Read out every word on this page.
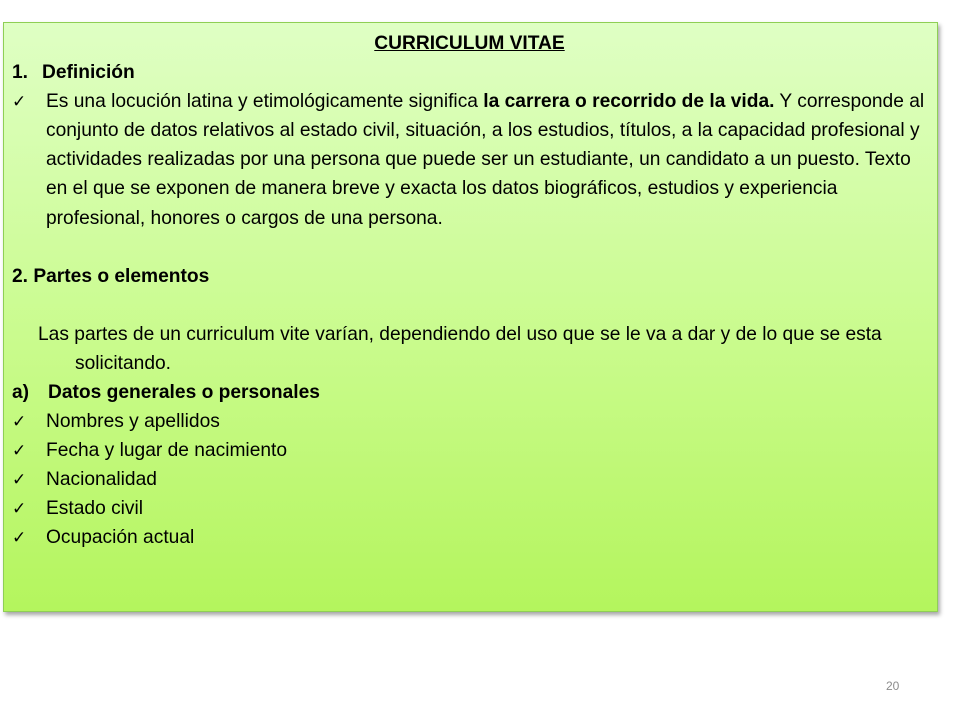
CURRICULUM VITAE

1. Definición
✓	Es una locución latina y etimológicamente significa la carrera o recorrido de la vida. Y corresponde al conjunto de datos relativos al estado civil, situación, a los estudios, títulos, a la capacidad profesional y actividades realizadas por una persona que puede ser un estudiante, un candidato a un puesto. Texto en el que se exponen de manera breve y exacta los datos biográficos, estudios y experiencia profesional, honores o cargos de una persona.
2. Partes o elementos
Las partes de un curriculum vite varían, dependiendo del uso que se le va a dar y de lo que se esta solicitando.
a) Datos generales o personales
✓	Nombres y apellidos
✓	Fecha y lugar de nacimiento
✓	Nacionalidad
✓	Estado civil
✓	Ocupación actual
20
